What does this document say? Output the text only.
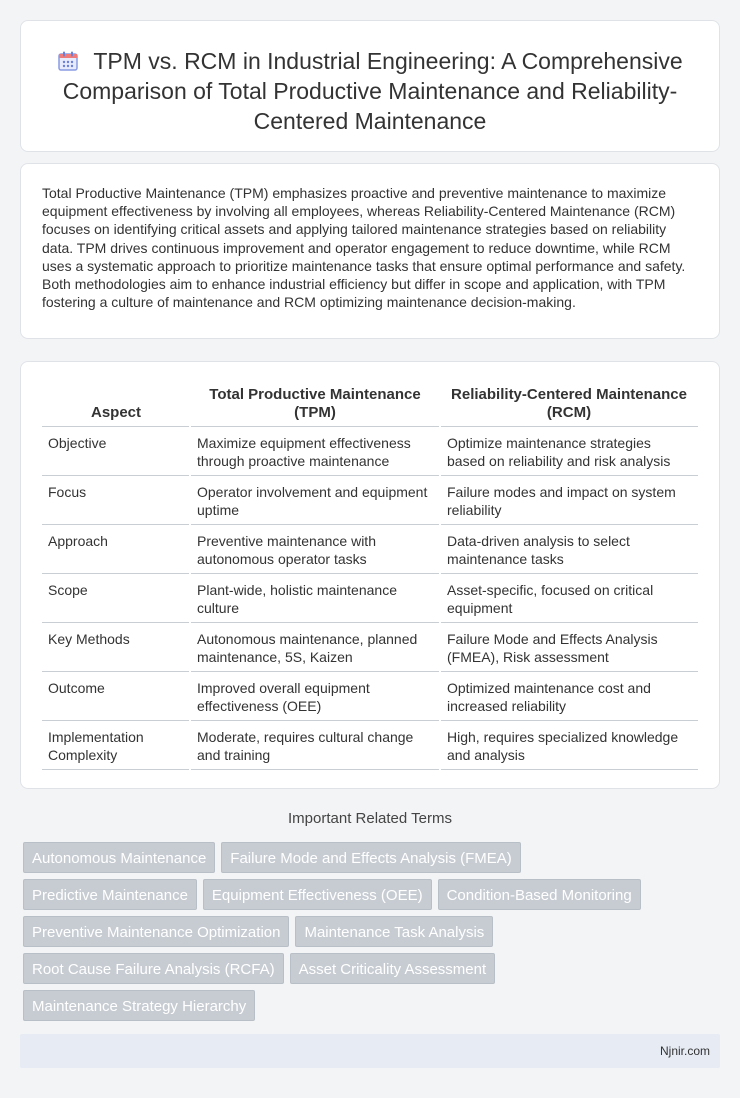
TPM vs. RCM in Industrial Engineering: A Comprehensive Comparison of Total Productive Maintenance and Reliability-Centered Maintenance

Total Productive Maintenance (TPM) emphasizes proactive and preventive maintenance to maximize equipment effectiveness by involving all employees, whereas Reliability-Centered Maintenance (RCM) focuses on identifying critical assets and applying tailored maintenance strategies based on reliability data. TPM drives continuous improvement and operator engagement to reduce downtime, while RCM uses a systematic approach to prioritize maintenance tasks that ensure optimal performance and safety. Both methodologies aim to enhance industrial efficiency but differ in scope and application, with TPM fostering a culture of maintenance and RCM optimizing maintenance decision-making.

Aspect	Total Productive Maintenance (TPM)	Reliability-Centered Maintenance (RCM)
Objective	Maximize equipment effectiveness through proactive maintenance	Optimize maintenance strategies based on reliability and risk analysis
Focus	Operator involvement and equipment uptime	Failure modes and impact on system reliability
Approach	Preventive maintenance with autonomous operator tasks	Data-driven analysis to select maintenance tasks
Scope	Plant-wide, holistic maintenance culture	Asset-specific, focused on critical equipment
Key Methods	Autonomous maintenance, planned maintenance, 5S, Kaizen	Failure Mode and Effects Analysis (FMEA), Risk assessment
Outcome	Improved overall equipment effectiveness (OEE)	Optimized maintenance cost and increased reliability
Implementation Complexity	Moderate, requires cultural change and training	High, requires specialized knowledge and analysis
Important Related Terms
Autonomous Maintenance Failure Mode and Effects Analysis (FMEA)
Predictive Maintenance Equipment Effectiveness (OEE) Condition-Based Monitoring
Preventive Maintenance Optimization Maintenance Task Analysis
Root Cause Failure Analysis (RCFA) Asset Criticality Assessment
Maintenance Strategy Hierarchy
Njnir.com
